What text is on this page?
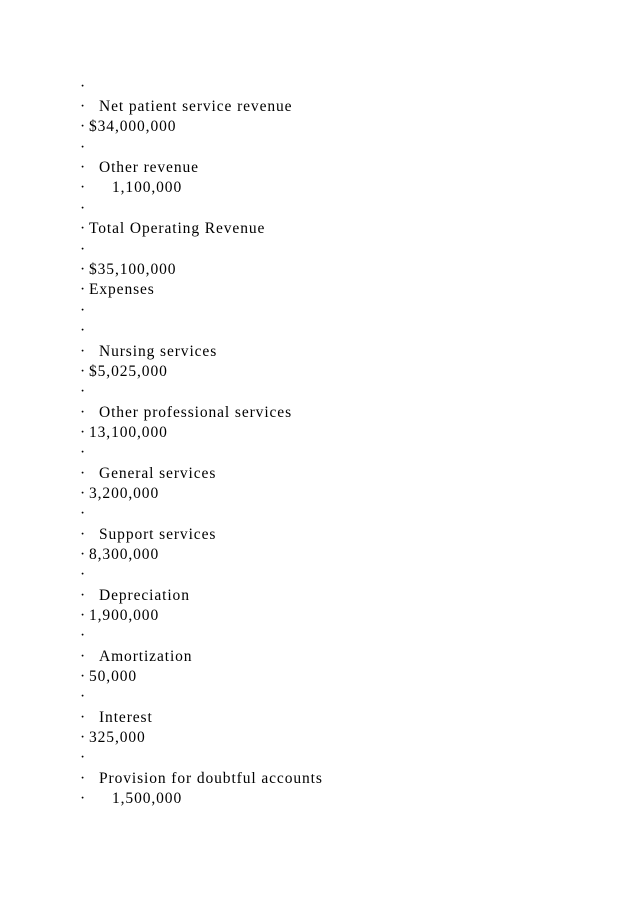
·

·

Net patient service revenue

·

$34,000,000

·

·

Other revenue

·

1,100,000

·

·

Total Operating Revenue

·

·

$35,100,000

·

Expenses

·

·

·

Nursing services

·

$5,025,000

·

·

Other professional services

·

13,100,000

·

·

General services

·

3,200,000

·

·

Support services

·

8,300,000

·

·

Depreciation

·

1,900,000

·

·

Amortization

·

50,000

·

·

Interest

·

325,000

·

·

Provision for doubtful accounts

·

1,500,000
